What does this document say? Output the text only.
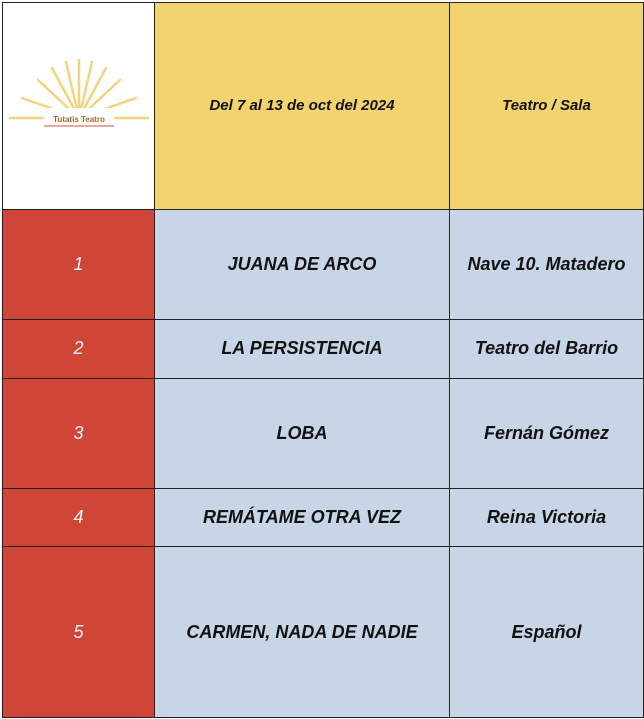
Tutatis Teatro	Del 7 al 13 de oct del 2024	Teatro / Sala
1	JUANA DE ARCO	Nave 10. Matadero
2	LA PERSISTENCIA	Teatro del Barrio
3	LOBA	Fernán Gómez
4	REMÁTAME OTRA VEZ	Reina Victoria
5	CARMEN, NADA DE NADIE	Español
